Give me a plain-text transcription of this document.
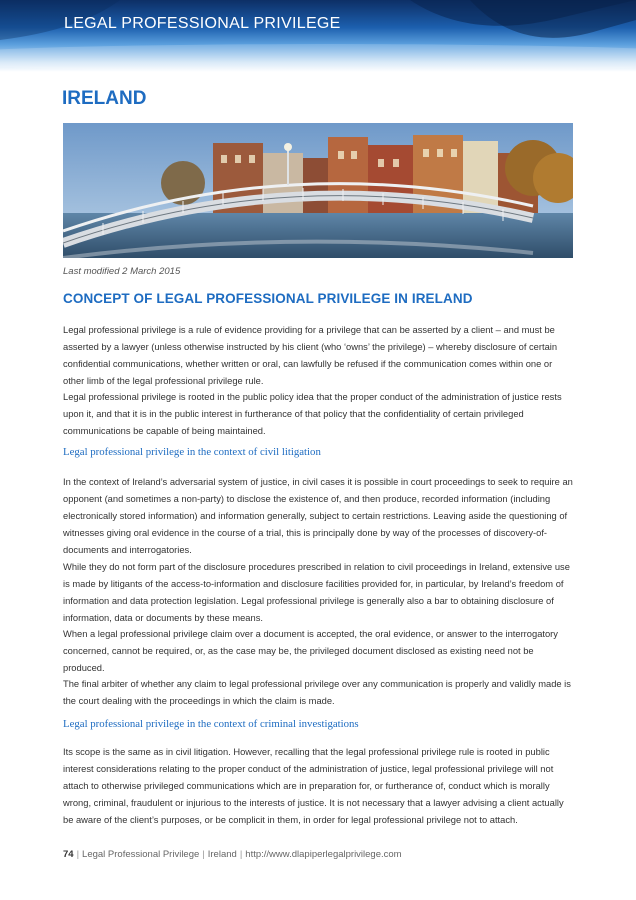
LEGAL PROFESSIONAL PRIVILEGE
IRELAND
Last modified 2 March 2015
CONCEPT OF LEGAL PROFESSIONAL PRIVILEGE IN IRELAND

Legal professional privilege is a rule of evidence providing for a privilege that can be asserted by a client – and must be asserted by a lawyer (unless otherwise instructed by his client (who ‘owns’ the privilege) – whereby disclosure of certain confidential communications, whether written or oral, can lawfully be refused if the communication comes within one or other limb of the legal professional privilege rule.

Legal professional privilege is rooted in the public policy idea that the proper conduct of the administration of justice rests upon it, and that it is in the public interest in furtherance of that policy that the confidentiality of certain privileged communications be capable of being maintained.

Legal professional privilege in the context of civil litigation

In the context of Ireland’s adversarial system of justice, in civil cases it is possible in court proceedings to seek to require an opponent (and sometimes a non-party) to disclose the existence of, and then produce, recorded information (including electronically stored information) and information generally, subject to certain restrictions. Leaving aside the questioning of witnesses giving oral evidence in the course of a trial, this is principally done by way of the processes of discovery-of-documents and interrogatories.

While they do not form part of the disclosure procedures prescribed in relation to civil proceedings in Ireland, extensive use is made by litigants of the access-to-information and disclosure facilities provided for, in particular, by Ireland’s freedom of information and data protection legislation. Legal professional privilege is generally also a bar to obtaining disclosure of information, data or documents by these means.

When a legal professional privilege claim over a document is accepted, the oral evidence, or answer to the interrogatory concerned, cannot be required, or, as the case may be, the privileged document disclosed as existing need not be produced.

The final arbiter of whether any claim to legal professional privilege over any communication is properly and validly made is the court dealing with the proceedings in which the claim is made.

Legal professional privilege in the context of criminal investigations

Its scope is the same as in civil litigation. However, recalling that the legal professional privilege rule is rooted in public interest considerations relating to the proper conduct of the administration of justice, legal professional privilege will not attach to otherwise privileged communications which are in preparation for, or furtherance of, conduct which is morally wrong, criminal, fraudulent or injurious to the interests of justice. It is not necessary that a lawyer advising a client actually be aware of the client’s purposes, or be complicit in them, in order for legal professional privilege not to attach.

74 | Legal Professional Privilege | Ireland | http://www.dlapiperlegalprivilege.com
